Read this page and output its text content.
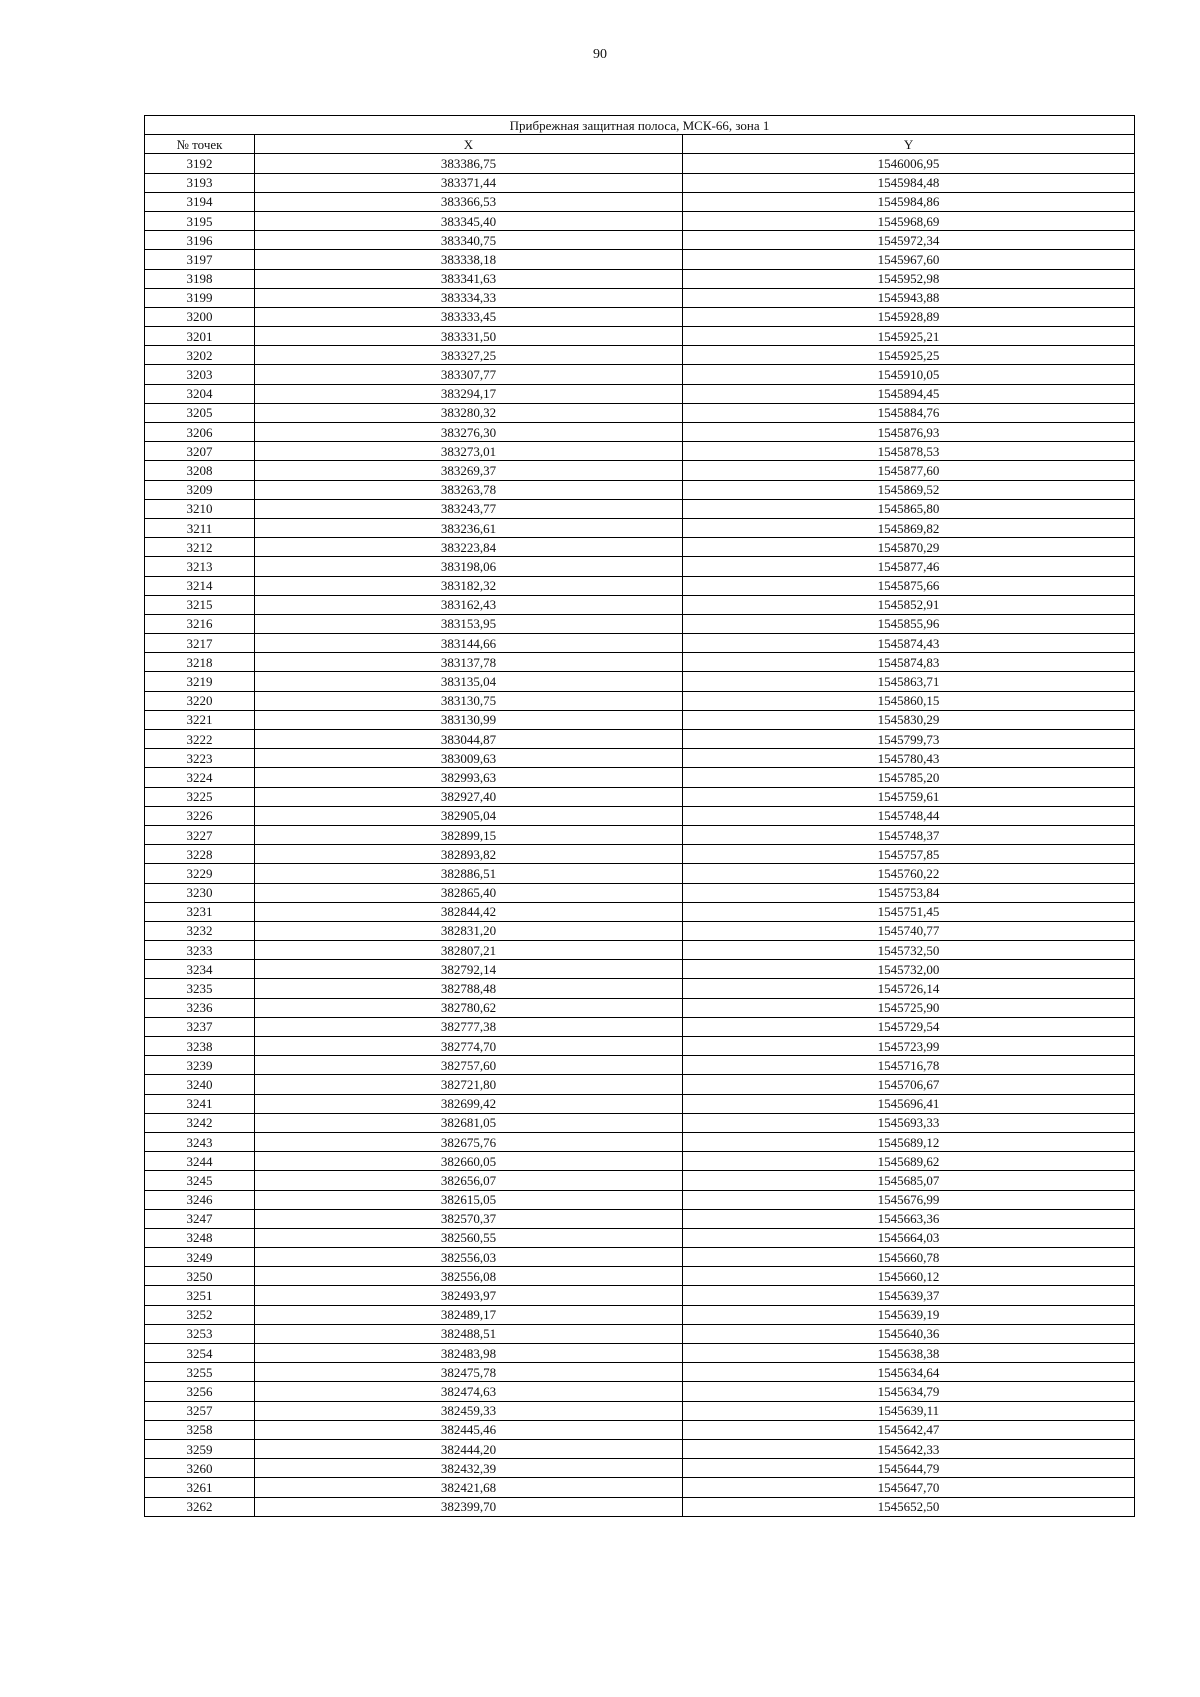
90
Прибрежная защитная полоса, МСК-66, зона 1		
№ точек	X	Y
3192	383386,75	1546006,95
3193	383371,44	1545984,48
3194	383366,53	1545984,86
3195	383345,40	1545968,69
3196	383340,75	1545972,34
3197	383338,18	1545967,60
3198	383341,63	1545952,98
3199	383334,33	1545943,88
3200	383333,45	1545928,89
3201	383331,50	1545925,21
3202	383327,25	1545925,25
3203	383307,77	1545910,05
3204	383294,17	1545894,45
3205	383280,32	1545884,76
3206	383276,30	1545876,93
3207	383273,01	1545878,53
3208	383269,37	1545877,60
3209	383263,78	1545869,52
3210	383243,77	1545865,80
3211	383236,61	1545869,82
3212	383223,84	1545870,29
3213	383198,06	1545877,46
3214	383182,32	1545875,66
3215	383162,43	1545852,91
3216	383153,95	1545855,96
3217	383144,66	1545874,43
3218	383137,78	1545874,83
3219	383135,04	1545863,71
3220	383130,75	1545860,15
3221	383130,99	1545830,29
3222	383044,87	1545799,73
3223	383009,63	1545780,43
3224	382993,63	1545785,20
3225	382927,40	1545759,61
3226	382905,04	1545748,44
3227	382899,15	1545748,37
3228	382893,82	1545757,85
3229	382886,51	1545760,22
3230	382865,40	1545753,84
3231	382844,42	1545751,45
3232	382831,20	1545740,77
3233	382807,21	1545732,50
3234	382792,14	1545732,00
3235	382788,48	1545726,14
3236	382780,62	1545725,90
3237	382777,38	1545729,54
3238	382774,70	1545723,99
3239	382757,60	1545716,78
3240	382721,80	1545706,67
3241	382699,42	1545696,41
3242	382681,05	1545693,33
3243	382675,76	1545689,12
3244	382660,05	1545689,62
3245	382656,07	1545685,07
3246	382615,05	1545676,99
3247	382570,37	1545663,36
3248	382560,55	1545664,03
3249	382556,03	1545660,78
3250	382556,08	1545660,12
3251	382493,97	1545639,37
3252	382489,17	1545639,19
3253	382488,51	1545640,36
3254	382483,98	1545638,38
3255	382475,78	1545634,64
3256	382474,63	1545634,79
3257	382459,33	1545639,11
3258	382445,46	1545642,47
3259	382444,20	1545642,33
3260	382432,39	1545644,79
3261	382421,68	1545647,70
3262	382399,70	1545652,50
